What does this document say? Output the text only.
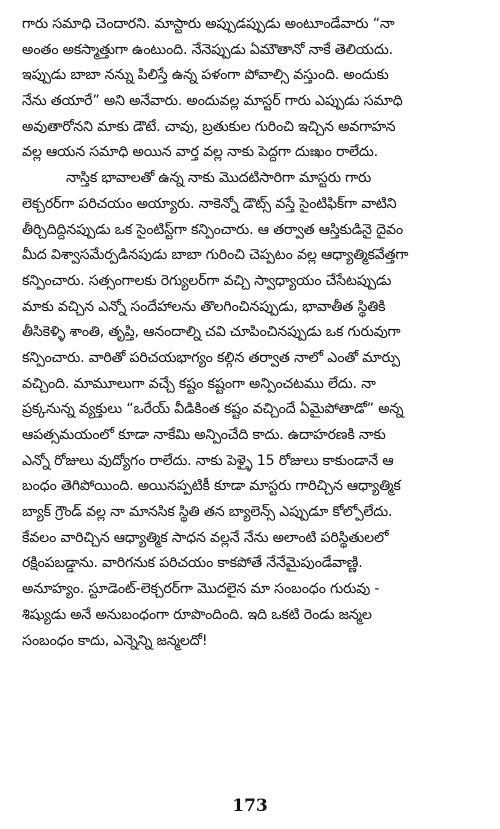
గారు సమాధి చెందారని. మాస్టారు అప్పుడప్పుడు అంటూండేవారు “నా
అంతం అకస్మాత్తుగా ఉంటుంది. నేనెప్పుడు ఏమౌతానో నాకే తెలియదు.
ఇప్పుడు బాబా నన్ను పిలిస్తే ఉన్న పళంగా పోవాల్సి వస్తుంది. అందుకు
నేను తయారే” అని అనేవారు. అందువల్ల మాస్టర్ గారు ఎప్పుడు సమాధి
అవుతారోనని మాకు డౌటే. చావు, బ్రతుకుల గురించి ఇచ్చిన అవగాహన
వల్ల ఆయన సమాధి అయిన వార్త వల్ల నాకు పెద్దగా దుఃఖం రాలేదు.
నాస్తిక భావాలతో ఉన్న నాకు మొదటిసారిగా మాస్టరు గారు
లెక్చరర్‌గా పరిచయం అయ్యారు. నాకెన్నో డౌట్స్ వస్తే సైంటిఫిక్‌గా వాటిని
తీర్చిదిద్దినప్పుడు ఒక సైంటిస్ట్‌గా కన్పించారు. ఆ తర్వాత ఆస్తికుడినై దైవం
మీద విశ్వాసమేర్పడినపుడు బాబా గురించి చెప్పటం వల్ల ఆధ్యాత్మికవేత్తగా
కన్పించారు. సత్సంగాలకు రెగ్యులర్‌గా వచ్చి స్వాధ్యాయం చేసేటప్పుడు
మాకు వచ్చిన ఎన్నో సందేహాలను తొలగించినప్పుడు, భావాతీత స్థితికి
తీసికెళ్ళి శాంతి, తృప్తి, ఆనందాల్ని చవి చూపించినప్పుడు ఒక గురువుగా
కన్పించారు. వారితో పరిచయభాగ్యం కల్గిన తర్వాత నాలో ఎంతో మార్పు
వచ్చింది. మామూలుగా వచ్చే కష్టం కష్టంగా అన్పించటము లేదు. నా
ప్రక్కనున్న వ్యక్తులు “ఒరేయ్ వీడికింత కష్టం వచ్చిందే ఏమైపోతాడో” అన్న
ఆపత్సమయంలో కూడా నాకేమి అన్పించేది కాదు. ఉదాహరణకి నాకు
ఎన్నో రోజులు వుద్యోగం రాలేదు. నాకు పెళ్ళై 15 రోజులు కాకుండానే ఆ
బంధం తెగిపోయింది. అయినప్పటికీ కూడా మాస్టరు గారిచ్చిన ఆధ్యాత్మిక
బ్యాక్ గ్రౌండ్ వల్ల నా మానసిక స్థితి తన బ్యాలెన్స్ ఎప్పుడూ కోల్పోలేదు.
కేవలం వారిచ్చిన ఆధ్యాత్మిక సాధన వల్లనే నేను అలాంటి పరిస్థితులలో
రక్షింపబడ్డాను. వారిగనుక పరిచయం కాకపోతే నేనేమైపుండేవాణ్ణి.
అనూహ్యం. స్టూడెంట్-లెక్చరర్‌గా మొదలైన మా సంబంధం గురువు -
శిష్యుడు అనే అనుబంధంగా రూపొందింది. ఇది ఒకటి రెండు జన్మల
సంబంధం కాదు, ఎన్నెన్ని జన్మలదో!
173
